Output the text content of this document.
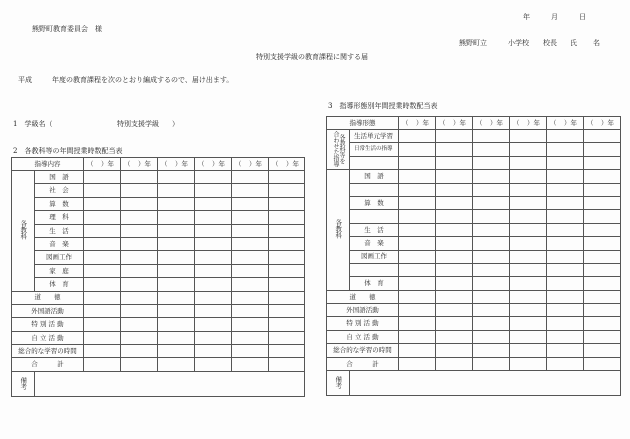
年	月	日
熊野町教育委員会　様
熊野町立	小学校 校長 氏 名
特別支援学級の教育課程に関する届
平成	年度の教育課程を次のとおり編成するので、届け出ます。
1　学級名（	特別支援学級 ）
2　各教科等の年間授業時数配当表
指導内容		（ ）年	（ ）年	（ ）年	（ ）年	（ ）年	（ ）年
各教科	国　語						
	社　会						
	算　数						
	理　科						
	生　活						
	音　楽						
	図画工作						
	家　庭						
	体　育						
道　　徳							
外国語活動							
特 別 活 動							
自 立 活 動							
総合的な学習の時間							
合　　　計							
備考							
3　指導形態別年間授業時数配当表
指導形態		（ ）年	（ ）年	（ ）年	（ ）年	（ ）年	（ ）年

各教科等を
合わせた指導	生活単元学習						
	日常生活の指導						

各教科	国　語						

	算　数						

	生　活						
	音　楽						
	図画工作						

	体　育						
道　　徳							
外国語活動							
特 別 活 動							
自 立 活 動							
総合的な学習の時間							
合　　　計							
備考							
